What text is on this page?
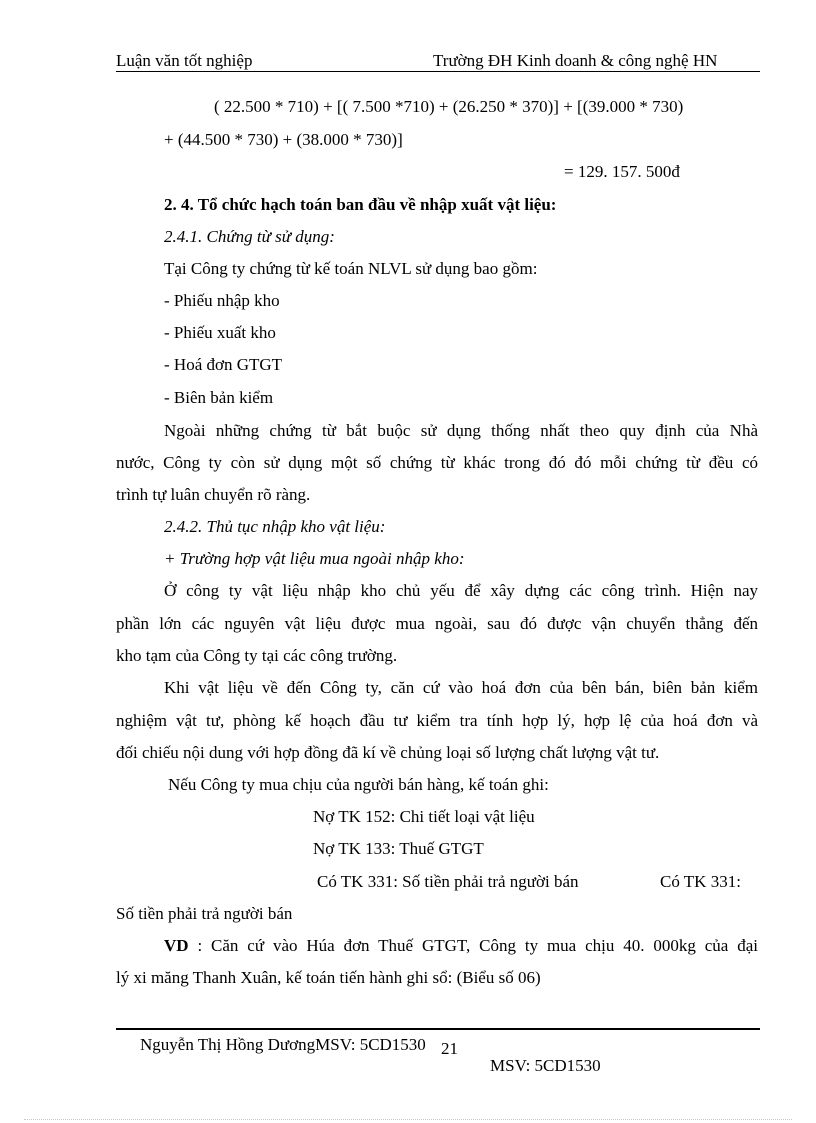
Luận văn tốt nghiệp	Trường ĐH Kinh doanh & công nghệ HN
( 22.500 * 710) + [( 7.500 *710) + (26.250 * 370)] + [(39.000 * 730)
+ (44.500 * 730) + (38.000 * 730)]
= 129. 157. 500đ
2. 4. Tổ chức hạch toán ban đầu về nhập xuất vật liệu:
2.4.1. Chứng từ sử dụng:
Tại Công ty chứng từ kế toán NLVL sử dụng bao gồm:
- Phiếu nhập kho
- Phiếu xuất kho
- Hoá đơn GTGT
- Biên bản kiểm
Ngoài những chứng từ bắt buộc sử dụng thống nhất theo quy định của Nhà
nước, Công ty còn sử dụng một số chứng từ khác trong đó đó mỗi chứng từ đều có
trình tự luân chuyển rõ ràng.
2.4.2. Thủ tục nhập kho vật liệu:
+ Trường hợp vật liệu mua ngoài nhập kho:
Ở công ty vật liệu nhập kho chủ yếu để xây dựng các công trình. Hiện nay
phần lớn các nguyên vật liệu được mua ngoài, sau đó được vận chuyển thẳng đến
kho tạm của Công ty tại các công trường.
Khi vật liệu về đến Công ty, căn cứ vào hoá đơn của bên bán, biên bản kiểm
nghiệm vật tư, phòng kế hoạch đầu tư kiểm tra tính hợp lý, hợp lệ của hoá đơn và
đối chiếu nội dung với hợp đồng đã kí về chủng loại số lượng chất lượng vật tư.
Nếu Công ty mua chịu của người bán hàng, kế toán ghi:
Nợ TK 152: Chi tiết loại vật liệu
Nợ TK 133: Thuế GTGT
Có TK 331: Số tiền phải trả người bán	Có TK 331:
Số tiền phải trả người bán
VD : Căn cứ vào Húa đơn Thuế GTGT, Công ty mua chịu 40. 000kg của đại
lý xi măng Thanh Xuân, kế toán tiến hành ghi sổ: (Biểu số 06)
Nguyễn Thị Hồng DươngMSV: 5CD1530 21
MSV: 5CD1530
